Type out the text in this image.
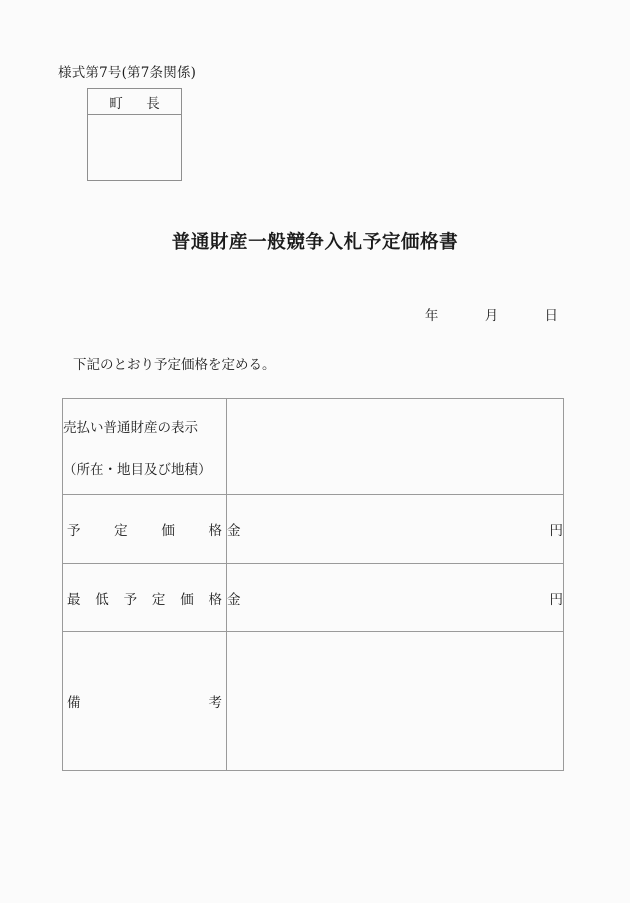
様式第7号(第7条関係)
町　長
普通財産一般競争入札予定価格書
年	月	日
下記のとおり予定価格を定める。
売払い普通財産の表示
（所在・地目及び地積）	

予定価格	金 円

最低予定価格	金 円

備考	
